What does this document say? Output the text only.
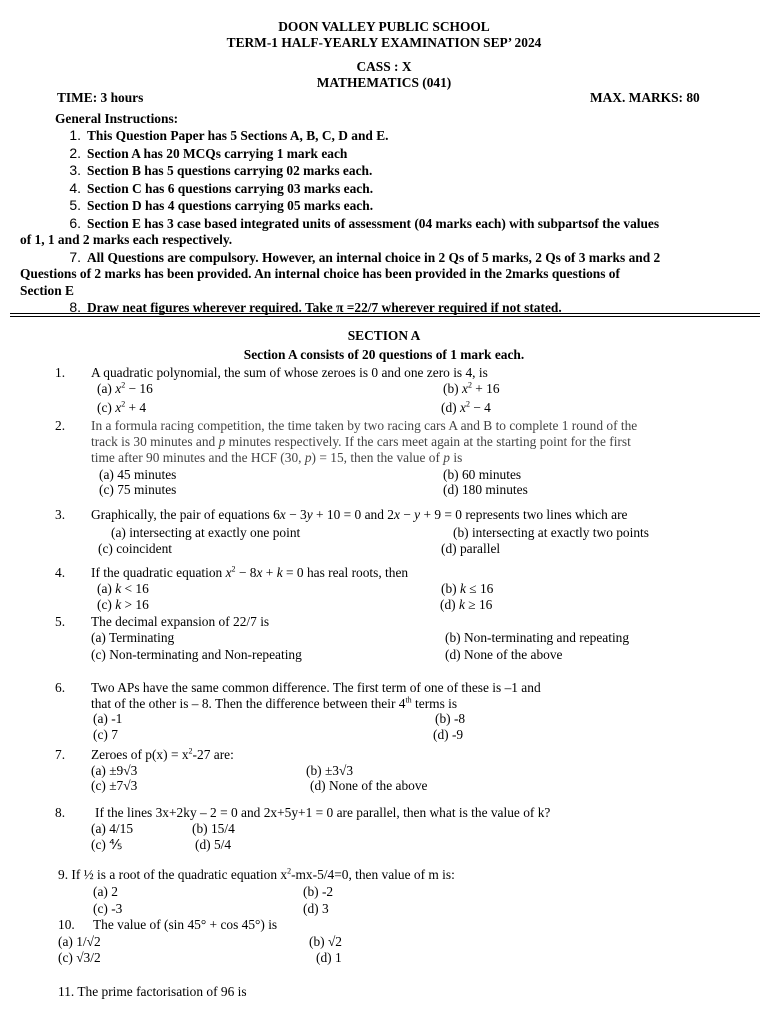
DOON VALLEY PUBLIC SCHOOL
TERM-1 HALF-YEARLY EXAMINATION SEP’ 2024
CASS : X
MATHEMATICS (041)
TIME: 3 hours	MAX. MARKS: 80
General Instructions:
1. This Question Paper has 5 Sections A, B, C, D and E.
2. Section A has 20 MCQs carrying 1 mark each
3. Section B has 5 questions carrying 02 marks each.
4. Section C has 6 questions carrying 03 marks each.
5. Section D has 4 questions carrying 05 marks each.
6. Section E has 3 case based integrated units of assessment (04 marks each) with subpartsof the values
of 1, 1 and 2 marks each respectively.
7. All Questions are compulsory. However, an internal choice in 2 Qs of 5 marks, 2 Qs of 3 marks and 2
Questions of 2 marks has been provided. An internal choice has been provided in the 2marks questions of
Section E
8. Draw neat figures wherever required. Take π =22/7 wherever required if not stated.
SECTION A
Section A consists of 20 questions of 1 mark each.
1. A quadratic polynomial, the sum of whose zeroes is 0 and one zero is 4, is
(a) $x^2 - 16$	(b) $x^2 + 16$
(c) $x^2 + 4$	(d) $x^2 - 4$
2. In a formula racing competition, the time taken by two racing cars A and B to complete 1 round of the
track is 30 minutes and p minutes respectively. If the cars meet again at the starting point for the first
time after 90 minutes and the HCF (30, p) = 15, then the value of p is
(a) 45 minutes	(b) 60 minutes
(c) 75 minutes	(d) 180 minutes
3. Graphically, the pair of equations 6x − 3y + 10 = 0 and 2x − y + 9 = 0 represents two lines which are
(a) intersecting at exactly one point	(b) intersecting at exactly two points
(c) coincident	(d) parallel
4. If the quadratic equation $x^2 - 8x + k = 0$ has real roots, then
(a) k < 16	(b) k ≤ 16
(c) k > 16	(d) k ≥ 16
5. The decimal expansion of 22/7 is
(a) Terminating	(b) Non-terminating and repeating
(c) Non-terminating and Non-repeating	(d) None of the above
6. Two APs have the same common difference. The first term of one of these is –1 and
that of the other is – 8. Then the difference between their 4th terms is
(a) -1	(b) -8
(c) 7	(d) -9
7. Zeroes of $p(x) = x^2-27$ are:
(a) ±9√3	(b) ±3√3
(c) ±7√3	(d) None of the above
8. If the lines 3x+2ky – 2 = 0 and 2x+5y+1 = 0 are parallel, then what is the value of k?
(a) 4/15	(b) 15/4
(c) ⅘	(d) 5/4
9. If ½ is a root of the quadratic equation $x^2-mx-5/4=0$, then value of m is:
(a) 2	(b) -2
(c) -3	(d) 3
10. The value of (sin 45° + cos 45°) is
(a) 1/√2	(b) √2
(c) √3/2	(d) 1
11. The prime factorisation of 96 is
